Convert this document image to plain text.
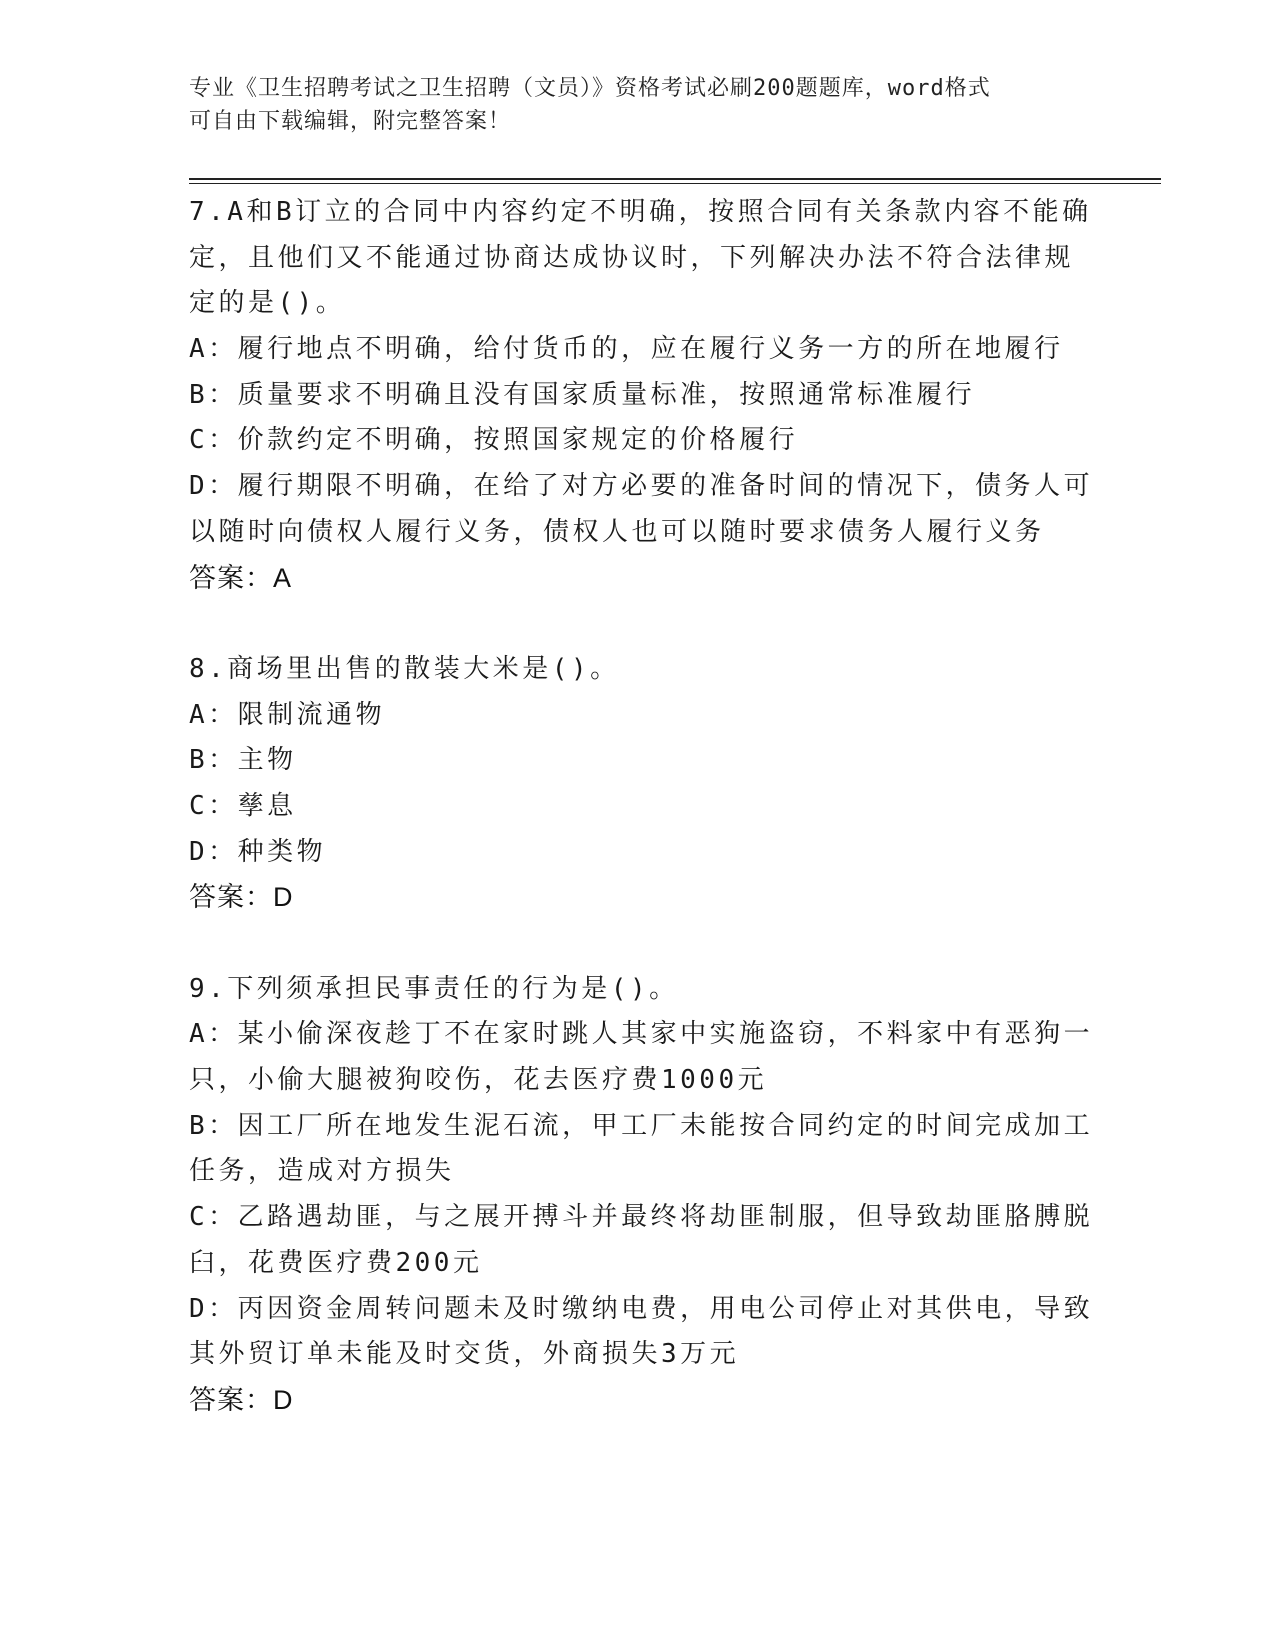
专业《卫生招聘考试之卫生招聘（文员）》资格考试必刷200题题库，word格式
可自由下载编辑，附完整答案！
7.A和B订立的合同中内容约定不明确，按照合同有关条款内容不能确
定，且他们又不能通过协商达成协议时，下列解决办法不符合法律规
定的是()。
A：履行地点不明确，给付货币的，应在履行义务一方的所在地履行
B：质量要求不明确且没有国家质量标准，按照通常标准履行
C：价款约定不明确，按照国家规定的价格履行
D：履行期限不明确，在给了对方必要的准备时间的情况下，债务人可
以随时向债权人履行义务，债权人也可以随时要求债务人履行义务
答案：A
8.商场里出售的散装大米是()。
A：限制流通物
B：主物
C：孳息
D：种类物
答案：D
9.下列须承担民事责任的行为是()。
A：某小偷深夜趁丁不在家时跳人其家中实施盗窃，不料家中有恶狗一
只，小偷大腿被狗咬伤，花去医疗费1000元
B：因工厂所在地发生泥石流，甲工厂未能按合同约定的时间完成加工
任务，造成对方损失
C：乙路遇劫匪，与之展开搏斗并最终将劫匪制服，但导致劫匪胳膊脱
臼，花费医疗费200元
D：丙因资金周转问题未及时缴纳电费，用电公司停止对其供电，导致
其外贸订单未能及时交货，外商损失3万元
答案：D
